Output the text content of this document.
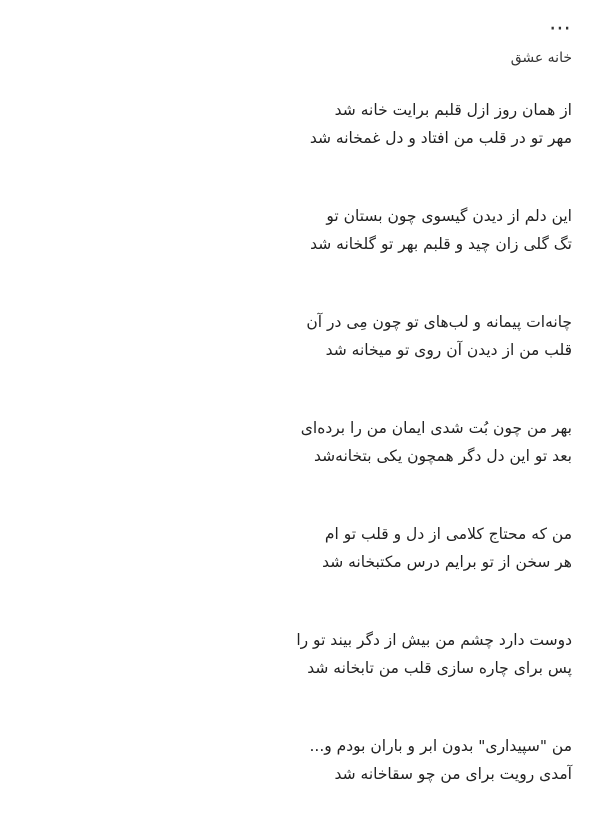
⋯
خانه عشق
از همان روز ازل قلبم برایت خانه شد
مهر تو در قلب من افتاد و دل غمخانه شد
این دلم از دیدن گیسوی چون بستان تو
تگ گلی زان چید و قلبم بهر تو گلخانه شد
چانه‌ات پیمانه و لب‌های تو چون مِی در آن
قلب من از دیدن آن روی تو میخانه شد
بهر من چون بُت شدی ایمان من را برده‌ای
بعد تو این دل دگر همچون یکی بتخانه‌شد
من که محتاج کلامی از دل و قلب تو ام
هر سخن از تو برایم درس مکتبخانه شد
دوست دارد چشم من بیش از دگر بیند تو را
پس برای چاره سازی قلب من تابخانه شد
من "سپیداری" بدون ابر و باران بودم و...
آمدی رویت برای من چو سقاخانه شد
